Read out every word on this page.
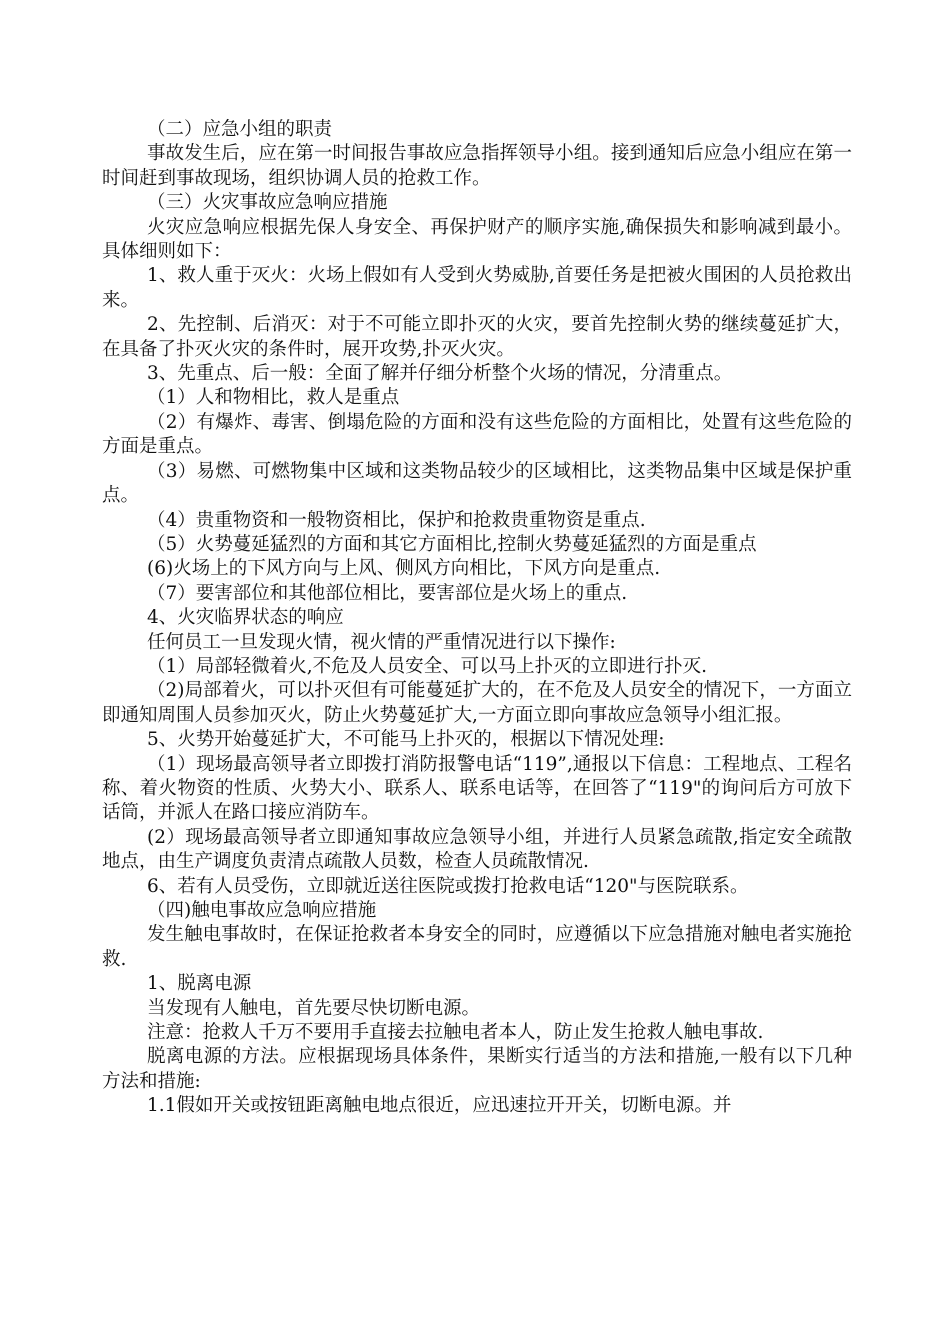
（二）应急小组的职责

事故发生后，应在第一时间报告事故应急指挥领导小组。接到通知后应急小组应在第一时间赶到事故现场，组织协调人员的抢救工作。

（三）火灾事故应急响应措施

火灾应急响应根据先保人身安全、再保护财产的顺序实施,确保损失和影响减到最小。具体细则如下：

1、救人重于灭火：火场上假如有人受到火势威胁,首要任务是把被火围困的人员抢救出来。

2、先控制、后消灭：对于不可能立即扑灭的火灾，要首先控制火势的继续蔓延扩大，在具备了扑灭火灾的条件时，展开攻势,扑灭火灾。

3、先重点、后一般：全面了解并仔细分析整个火场的情况，分清重点。

（1）人和物相比，救人是重点

（2）有爆炸、毒害、倒塌危险的方面和没有这些危险的方面相比，处置有这些危险的方面是重点。

（3）易燃、可燃物集中区域和这类物品较少的区域相比，这类物品集中区域是保护重点。

（4）贵重物资和一般物资相比，保护和抢救贵重物资是重点.

（5）火势蔓延猛烈的方面和其它方面相比,控制火势蔓延猛烈的方面是重点

(6)火场上的下风方向与上风、侧风方向相比，下风方向是重点.

（7）要害部位和其他部位相比，要害部位是火场上的重点.

4、火灾临界状态的响应

任何员工一旦发现火情，视火情的严重情况进行以下操作:

（1）局部轻微着火,不危及人员安全、可以马上扑灭的立即进行扑灭.

（2)局部着火，可以扑灭但有可能蔓延扩大的，在不危及人员安全的情况下，一方面立即通知周围人员参加灭火，防止火势蔓延扩大,一方面立即向事故应急领导小组汇报。

5、火势开始蔓延扩大，不可能马上扑灭的，根据以下情况处理:

（1）现场最高领导者立即拨打消防报警电话“119”,通报以下信息：工程地点、工程名称、着火物资的性质、火势大小、联系人、联系电话等，在回答了“119"的询问后方可放下话筒，并派人在路口接应消防车。

(2）现场最高领导者立即通知事故应急领导小组，并进行人员紧急疏散,指定安全疏散地点，由生产调度负责清点疏散人员数，检查人员疏散情况.

6、若有人员受伤，立即就近送往医院或拨打抢救电话“120"与医院联系。

（四)触电事故应急响应措施

发生触电事故时，在保证抢救者本身安全的同时，应遵循以下应急措施对触电者实施抢救.

1、脱离电源

当发现有人触电，首先要尽快切断电源。

注意：抢救人千万不要用手直接去拉触电者本人，防止发生抢救人触电事故.

脱离电源的方法。应根据现场具体条件，果断实行适当的方法和措施,一般有以下几种方法和措施:

1.1假如开关或按钮距离触电地点很近，应迅速拉开开关，切断电源。并
